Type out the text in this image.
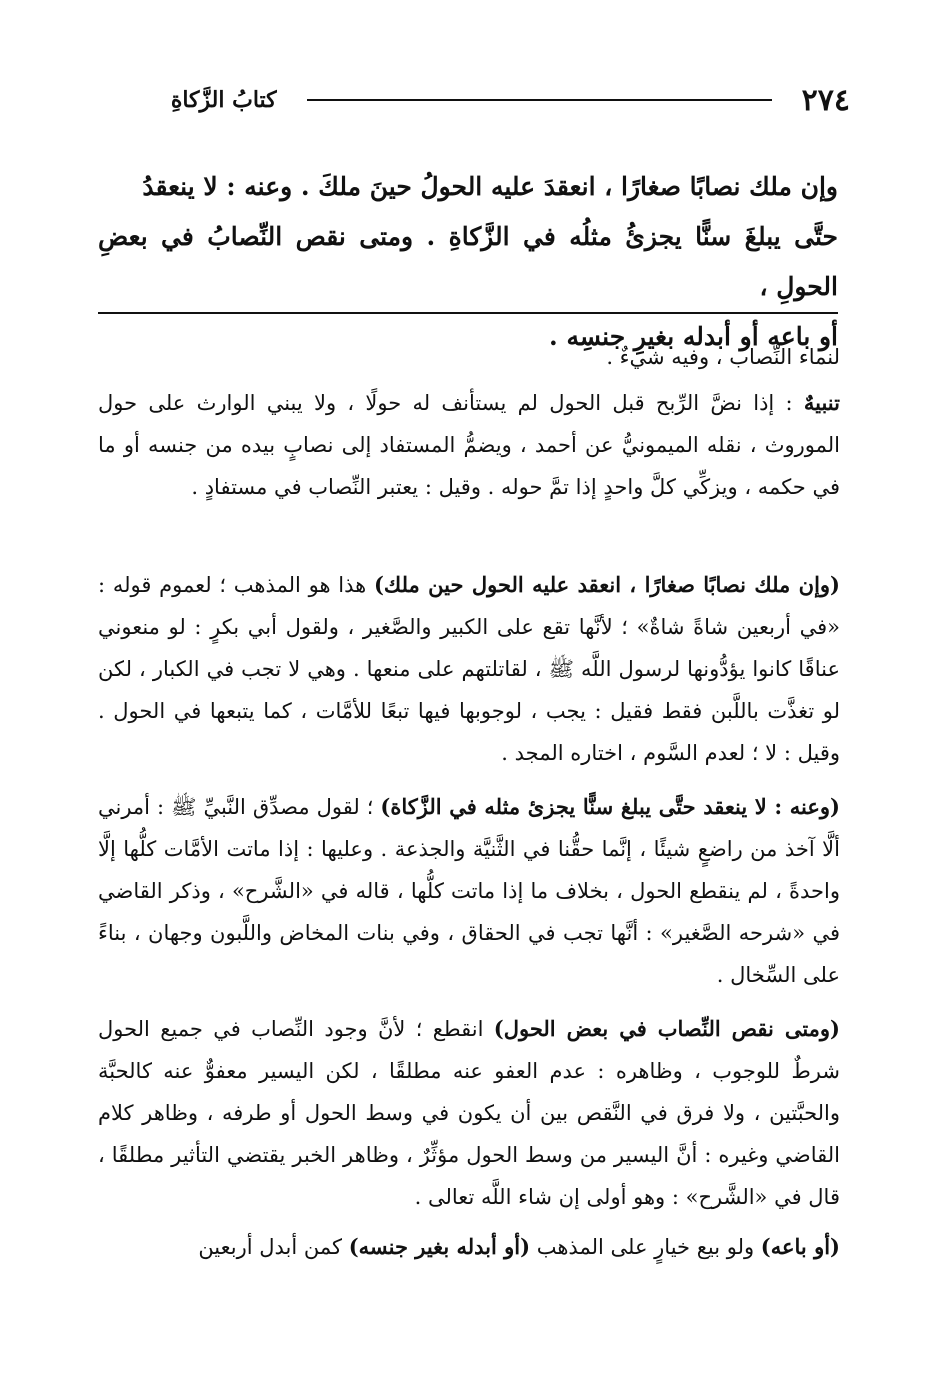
٢٧٤
كتابُ الزَّكاةِ
وإن ملك نصابًا صغارًا ، انعقدَ عليه الحولُ حينَ ملكَ . وعنه : لا ينعقدُ
حتَّى يبلغَ سنًّا يجزئُ مثلُه في الزَّكاةِ . ومتى نقص النِّصابُ في بعضِ الحولِ ،
أو باعه أو أبدله بغيرِ جنسِه .

لنماء النِّصاب ، وفيه شيءٌ .

تنبيهٌ : إذا نضَّ الرِّبح قبل الحول لم يستأنف له حولًا ، ولا يبني الوارث على حول الموروث ، نقله الميمونيُّ عن أحمد ، ويضمُّ المستفاد إلى نصابٍ بيده من جنسه أو ما في حكمه ، ويزكِّي كلَّ واحدٍ إذا تمَّ حوله . وقيل : يعتبر النِّصاب في مستفادٍ .

(وإن ملك نصابًا صغارًا ، انعقد عليه الحول حين ملك) هذا هو المذهب ؛ لعموم قوله : «في أربعين شاةً شاةٌ» ؛ لأنَّها تقع على الكبير والصَّغير ، ولقول أبي بكرٍ : لو منعوني عناقًا كانوا يؤدُّونها لرسول اللَّه ﷺ ، لقاتلتهم على منعها . وهي لا تجب في الكبار ، لكن لو تغذَّت باللَّبن فقط فقيل : يجب ، لوجوبها فيها تبعًا للأمَّات ، كما يتبعها في الحول . وقيل : لا ؛ لعدم السَّوم ، اختاره المجد .

(وعنه : لا ينعقد حتَّى يبلغ سنًّا يجزئ مثله في الزَّكاة) ؛ لقول مصدِّق النَّبيِّ ﷺ : أمرني ألَّا آخذ من راضعٍ شيئًا ، إنَّما حقُّنا في الثَّنيَّة والجذعة . وعليها : إذا ماتت الأمَّات كلُّها إلَّا واحدةً ، لم ينقطع الحول ، بخلاف ما إذا ماتت كلُّها ، قاله في «الشَّرح» ، وذكر القاضي في «شرحه الصَّغير» : أنَّها تجب في الحقاق ، وفي بنات المخاض واللَّبون وجهان ، بناءً على السِّخال .

(ومتى نقص النِّصاب في بعض الحول) انقطع ؛ لأنَّ وجود النِّصاب في جميع الحول شرطٌ للوجوب ، وظاهره : عدم العفو عنه مطلقًا ، لكن اليسير معفوٌّ عنه كالحبَّة والحبَّتين ، ولا فرق في النَّقص بين أن يكون في وسط الحول أو طرفه ، وظاهر كلام القاضي وغيره : أنَّ اليسير من وسط الحول مؤثِّرٌ ، وظاهر الخبر يقتضي التأثير مطلقًا ، قال في «الشَّرح» : وهو أولى إن شاء اللَّه تعالى .

(أو باعه) ولو بيع خيارٍ على المذهب (أو أبدله بغير جنسه) كمن أبدل أربعين
